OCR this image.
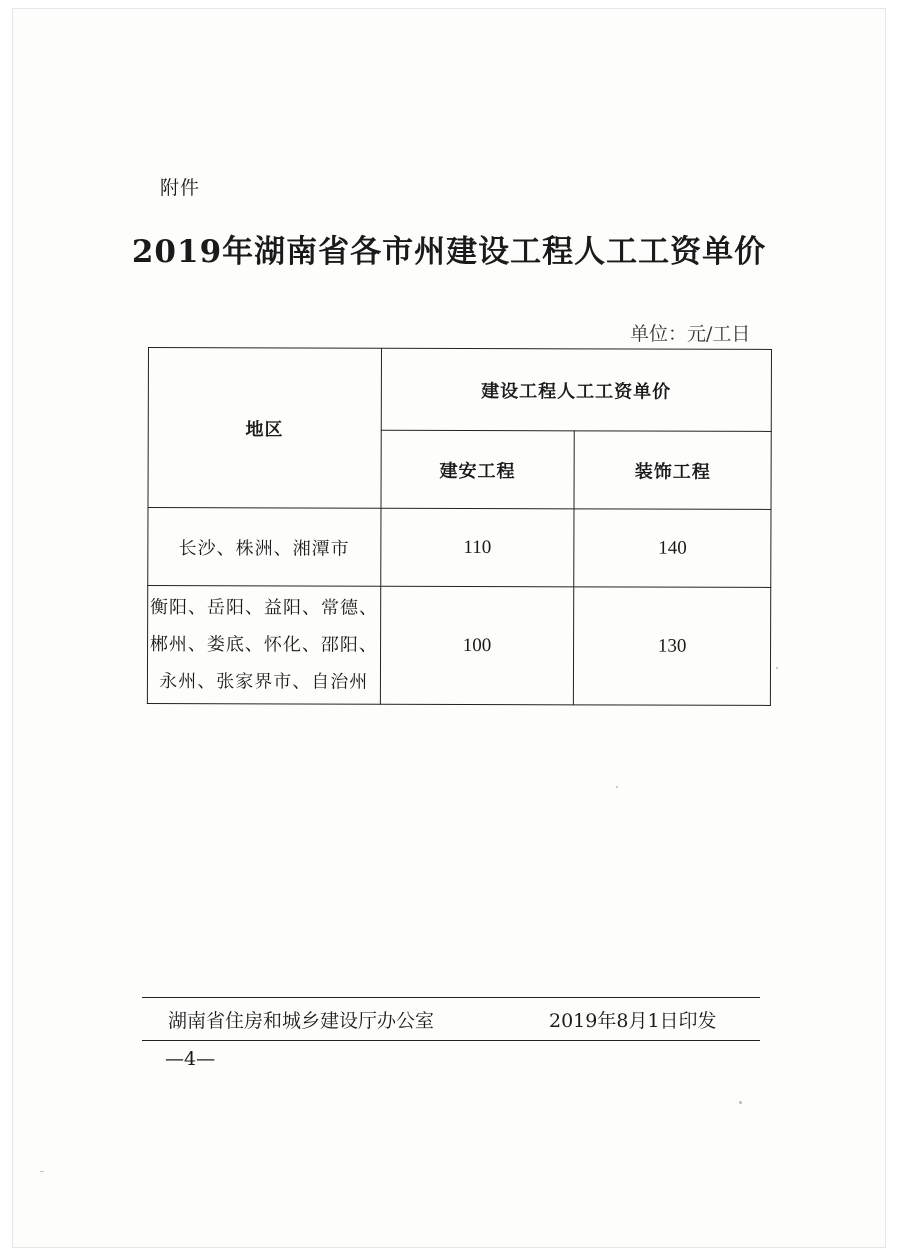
附件
2019年湖南省各市州建设工程人工工资单价
单位：元/工日
地区	建设工程人工工资单价	
	建安工程	装饰工程
长沙、株洲、湘潭市	110	140

衡阳、岳阳、益阳、常德、
郴州、娄底、怀化、邵阳、
永州、张家界市、自治州	100	130
湖南省住房和城乡建设厅办公室	2019年8月1日印发
—4—
